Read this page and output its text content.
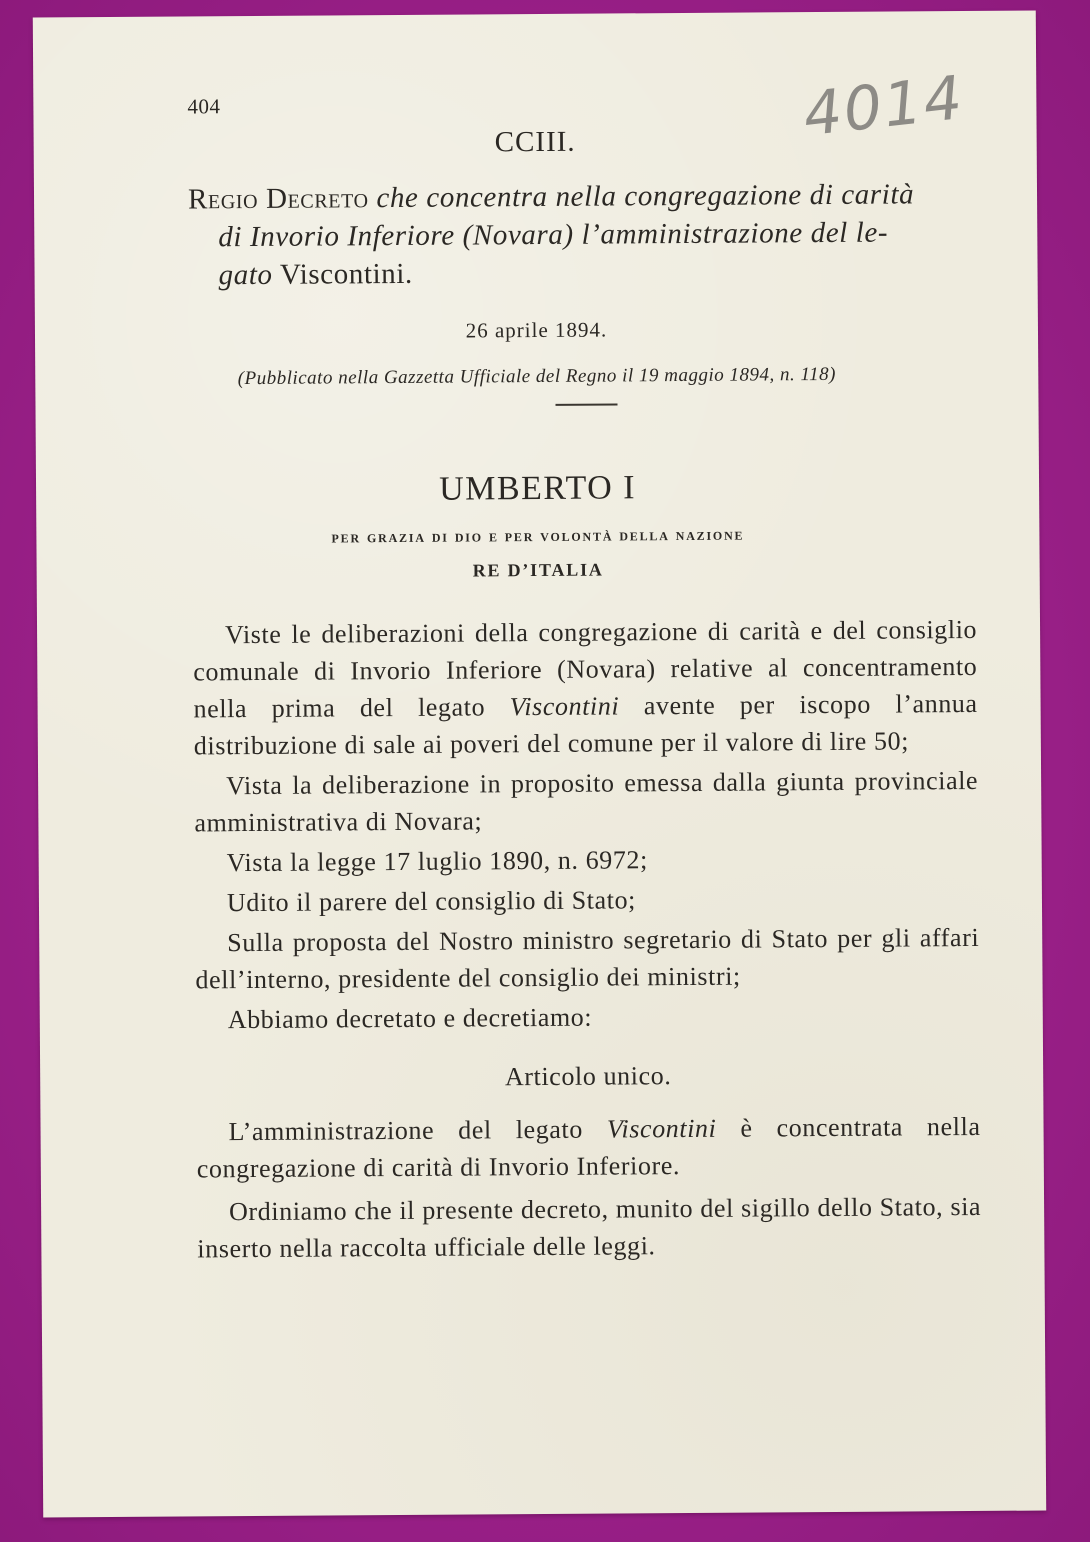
404	4014
CCIII.
Regio Decreto che concentra nella congregazione di carità
di Invorio Inferiore (Novara) l’amministrazione del le-
gato Viscontini.
26 aprile 1894.
(Pubblicato nella Gazzetta Ufficiale del Regno il 19 maggio 1894, n. 118)
UMBERTO I
per grazia di dio e per volontà della nazione
RE D’ITALIA

Viste le deliberazioni della congregazione di carità e del consiglio comunale di Invorio Inferiore (Novara) relative al concentramento nella prima del legato Viscontini avente per iscopo l’annua distribuzione di sale ai poveri del comune per il valore di lire 50;

Vista la deliberazione in proposito emessa dalla giunta provinciale amministrativa di Novara;

Vista la legge 17 luglio 1890, n. 6972;

Udito il parere del consiglio di Stato;

Sulla proposta del Nostro ministro segretario di Stato per gli affari dell’interno, presidente del consiglio dei ministri;

Abbiamo decretato e decretiamo:

Articolo unico.

L’amministrazione del legato Viscontini è concentrata nella congregazione di carità di Invorio Inferiore.

Ordiniamo che il presente decreto, munito del sigillo dello Stato, sia inserto nella raccolta ufficiale delle leggi.
